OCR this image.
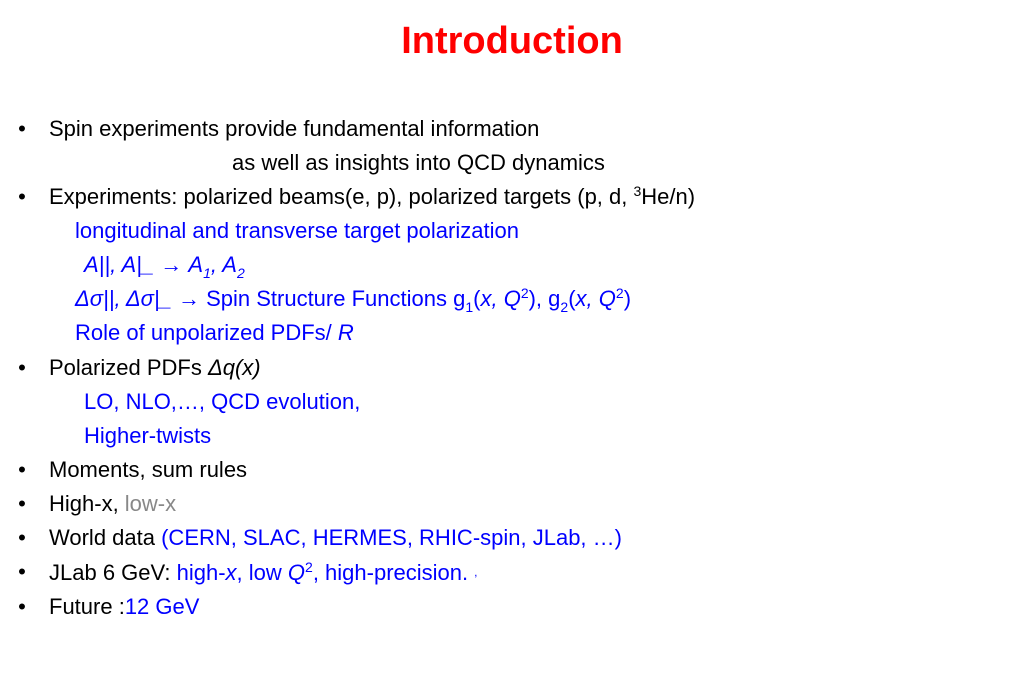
Introduction
• Spin experiments provide fundamental information
as well as insights into QCD dynamics
• Experiments: polarized beams(e, p), polarized targets (p, d, $^3$He/n)
longitudinal and transverse target polarization
A||, A|_ → $A_1$, $A_2$
Δσ||, Δσ|_ → Spin Structure Functions $g_1(x$, $Q^2$), $g_2(x$, $Q^2$)
Role of unpolarized PDFs/ R
• Polarized PDFs Δq(x)
LO, NLO,…, QCD evolution,
Higher-twists
• Moments, sum rules
• High-x, low-x
• World data (CERN, SLAC, HERMES, RHIC-spin, JLab, …)
• JLab 6 GeV: high-x, low $Q^2$, high-precision. ,
• Future :12 GeV
